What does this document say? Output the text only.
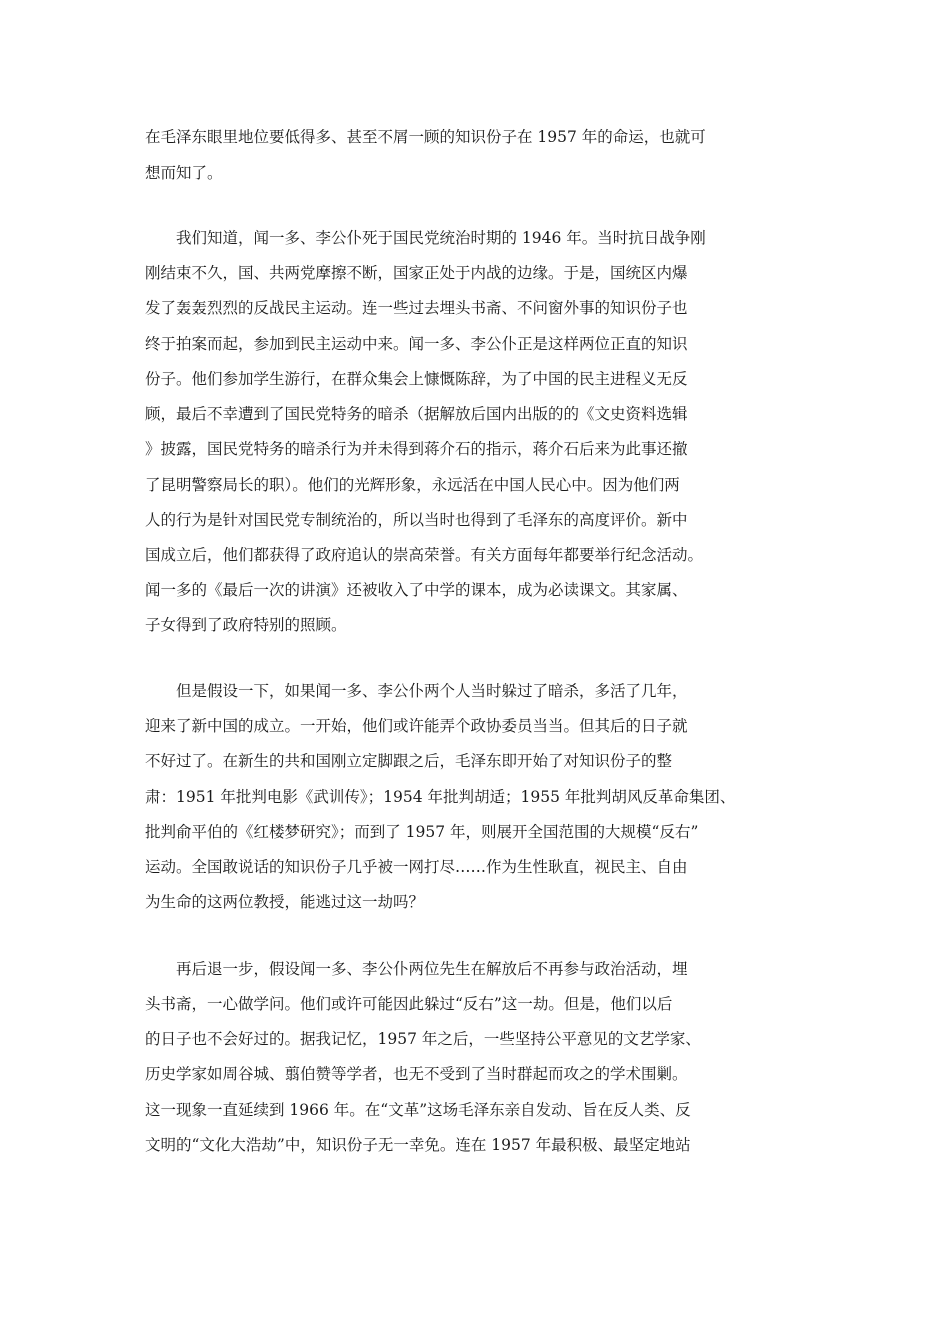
在毛泽东眼里地位要低得多、甚至不屑一顾的知识份子在 1957 年的命运，也就可
想而知了。
　　我们知道，闻一多、李公仆死于国民党统治时期的 1946 年。当时抗日战争刚
刚结束不久，国、共两党摩擦不断，国家正处于内战的边缘。于是，国统区内爆
发了轰轰烈烈的反战民主运动。连一些过去埋头书斋、不问窗外事的知识份子也
终于拍案而起，参加到民主运动中来。闻一多、李公仆正是这样两位正直的知识
份子。他们参加学生游行，在群众集会上慷慨陈辞，为了中国的民主进程义无反
顾，最后不幸遭到了国民党特务的暗杀（据解放后国内出版的的《文史资料选辑
》披露，国民党特务的暗杀行为并未得到蒋介石的指示，蒋介石后来为此事还撤
了昆明警察局长的职）。他们的光辉形象，永远活在中国人民心中。因为他们两
人的行为是针对国民党专制统治的，所以当时也得到了毛泽东的高度评价。新中
国成立后，他们都获得了政府追认的崇高荣誉。有关方面每年都要举行纪念活动。
闻一多的《最后一次的讲演》还被收入了中学的课本，成为必读课文。其家属、
子女得到了政府特别的照顾。
　　但是假设一下，如果闻一多、李公仆两个人当时躲过了暗杀，多活了几年，
迎来了新中国的成立。一开始，他们或许能弄个政协委员当当。但其后的日子就
不好过了。在新生的共和国刚立定脚跟之后，毛泽东即开始了对知识份子的整
肃：1951 年批判电影《武训传》；1954 年批判胡适；1955 年批判胡风反革命集团、
批判俞平伯的《红楼梦研究》；而到了 1957 年，则展开全国范围的大规模“反右”
运动。全国敢说话的知识份子几乎被一网打尽……作为生性耿直，视民主、自由
为生命的这两位教授，能逃过这一劫吗？
　　再后退一步，假设闻一多、李公仆两位先生在解放后不再参与政治活动，埋
头书斋，一心做学问。他们或许可能因此躲过“反右”这一劫。但是，他们以后
的日子也不会好过的。据我记忆，1957 年之后，一些坚持公平意见的文艺学家、
历史学家如周谷城、翦伯赞等学者，也无不受到了当时群起而攻之的学术围剿。
这一现象一直延续到 1966 年。在“文革”这场毛泽东亲自发动、旨在反人类、反
文明的“文化大浩劫”中，知识份子无一幸免。连在 1957 年最积极、最坚定地站
